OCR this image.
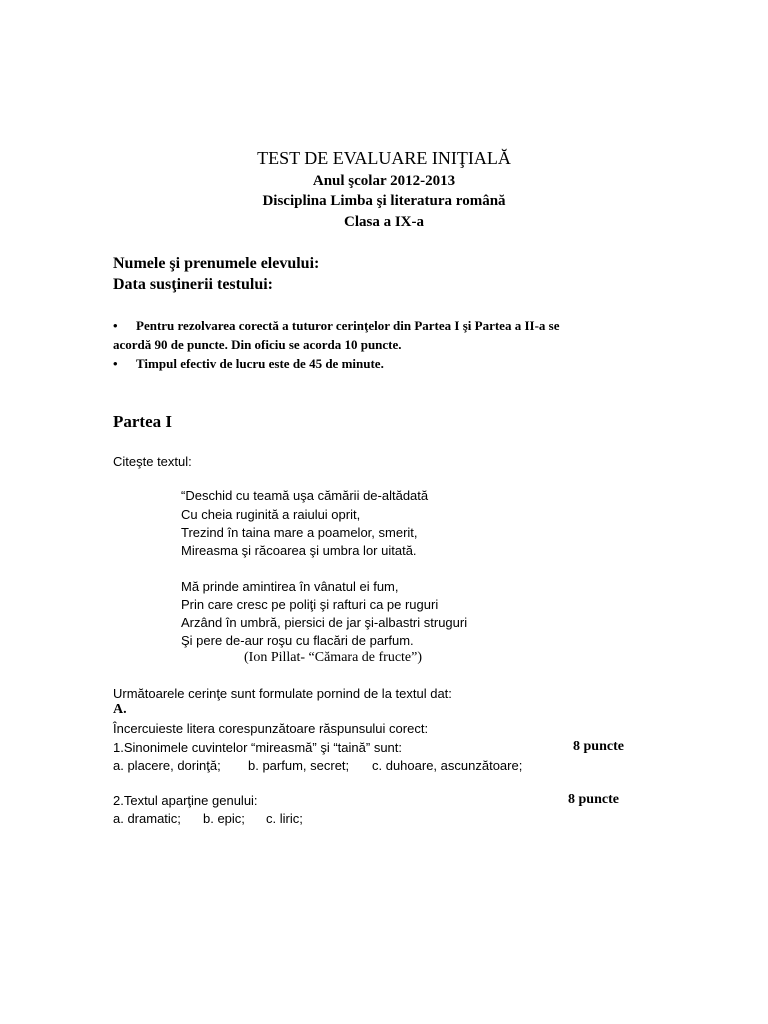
TEST DE EVALUARE INIŢIALĂ
Anul şcolar 2012-2013
Disciplina Limba şi literatura română
Clasa a IX-a
Numele şi prenumele elevului:
Data susţinerii testului:
• Pentru rezolvarea corectă a tuturor cerinţelor din Partea I şi Partea a II-a se
acordă 90 de puncte. Din oficiu se acorda 10 puncte.
• Timpul efectiv de lucru este de 45 de minute.
Partea I
Citeşte textul:
“Deschid cu teamă uşa cămării de-altădată
Cu cheia ruginită a raiului oprit,
Trezind în taina mare a poamelor, smerit,
Mireasma şi răcoarea şi umbra lor uitată.
Mă prinde amintirea în vânatul ei fum,
Prin care cresc pe poliţi şi rafturi ca pe ruguri
Arzând în umbră, piersici de jar şi-albastri struguri
Şi pere de-aur roşu cu flacări de parfum.
(Ion Pillat- “Cămara de fructe”)
Următoarele cerinţe sunt formulate pornind de la textul dat:
A.
Încercuieste litera corespunzătoare răspunsului corect:
1.Sinonimele cuvintelor “mireasmă” şi “taină” sunt:	8 puncte
a. placere, dorinţă; b. parfum, secret; c. duhoare, ascunzătoare;
2.Textul aparţine genului:	8 puncte
a. dramatic; b. epic; c. liric;
